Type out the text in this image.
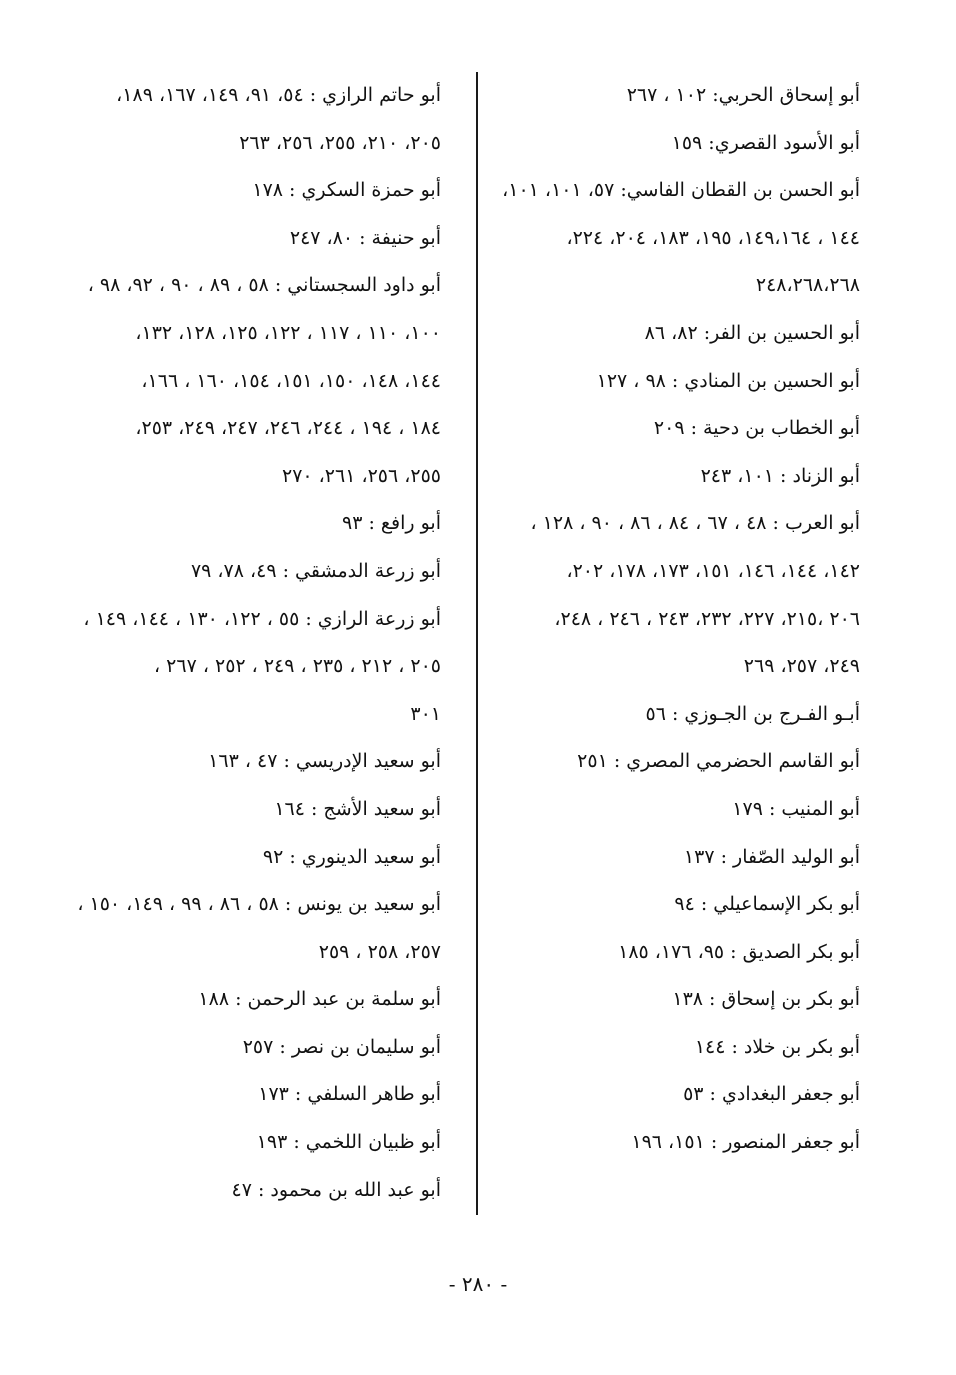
أبو إسحاق الحربي: ١٠٢ ، ٢٦٧
أبو الأسود القصري: ١٥٩
أبو الحسن بن القطان الفاسي: ٥٧، ١٠١، ١٠١،
١٤٤ ، ١٤٩،١٦٤، ١٩٥، ١٨٣، ٢٠٤، ٢٢٤،
٢٤٨،٢٦٨،٢٦٨
أبو الحسين بن الفر: ٨٢، ٨٦
أبو الحسين بن المنادي : ٩٨ ، ١٢٧
أبو الخطاب بن دحية : ٢٠٩
أبو الزناد : ١٠١، ٢٤٣
أبو العرب : ٤٨ ، ٦٧ ، ٨٤ ، ٨٦ ، ٩٠ ، ١٢٨ ،
١٤٢، ١٤٤، ١٤٦، ١٥١، ١٧٣، ١٧٨، ٢٠٢،
٢٠٦ ،٢١٥، ٢٢٧، ٢٣٢، ٢٤٣ ، ٢٤٦ ، ٢٤٨،
٢٤٩، ٢٥٧، ٢٦٩
أبـو الفـرج بن الجـوزي : ٥٦
أبو القاسم الحضرمي المصري : ٢٥١
أبو المنيب : ١٧٩
أبو الوليد الصّفار : ١٣٧
أبو بكر الإسماعيلي : ٩٤
أبو بكر الصديق : ٩٥، ١٧٦، ١٨٥
أبو بكر بن إسحاق : ١٣٨
أبو بكر بن خلاد : ١٤٤
أبو جعفر البغدادي : ٥٣
أبو جعفر المنصور : ١٥١، ١٩٦
أبو حاتم الرازي : ٥٤، ٩١، ١٤٩، ١٦٧، ١٨٩،
٢٠٥، ٢١٠، ٢٥٥، ٢٥٦، ٢٦٣
أبو حمزة السكري : ١٧٨
أبو حنيفة : ٨٠، ٢٤٧
أبو داود السجستاني : ٥٨ ، ٨٩ ، ٩٠ ، ٩٢، ٩٨ ،
١٠٠، ١١٠ ، ١١٧ ، ١٢٢، ١٢٥، ١٢٨، ١٣٢،
١٤٤، ١٤٨، ١٥٠، ١٥١، ١٥٤، ١٦٠ ، ١٦٦،
١٨٤ ، ١٩٤ ، ٢٤٤، ٢٤٦، ٢٤٧، ٢٤٩، ٢٥٣،
٢٥٥، ٢٥٦، ٢٦١، ٢٧٠
أبو رافع : ٩٣
أبو زرعة الدمشقي : ٤٩، ٧٨، ٧٩
أبو زرعة الرازي : ٥٥ ، ١٢٢، ١٣٠ ، ١٤٤، ١٤٩ ،
٢٠٥ ، ٢١٢ ، ٢٣٥ ، ٢٤٩ ، ٢٥٢ ، ٢٦٧ ،
٣٠١
أبو سعيد الإدريسي : ٤٧ ، ١٦٣
أبو سعيد الأشج : ١٦٤
أبو سعيد الدينوري : ٩٢
أبو سعيد بن يونس : ٥٨ ، ٨٦ ، ٩٩ ، ١٤٩، ١٥٠ ،
٢٥٧، ٢٥٨ ، ٢٥٩
أبو سلمة بن عبد الرحمن : ١٨٨
أبو سليمان بن نصر : ٢٥٧
أبو طاهر السلفي : ١٧٣
أبو ظبيان اللخمي : ١٩٣
أبو عبد الله بن محمود : ٤٧
- ٢٨٠ -
